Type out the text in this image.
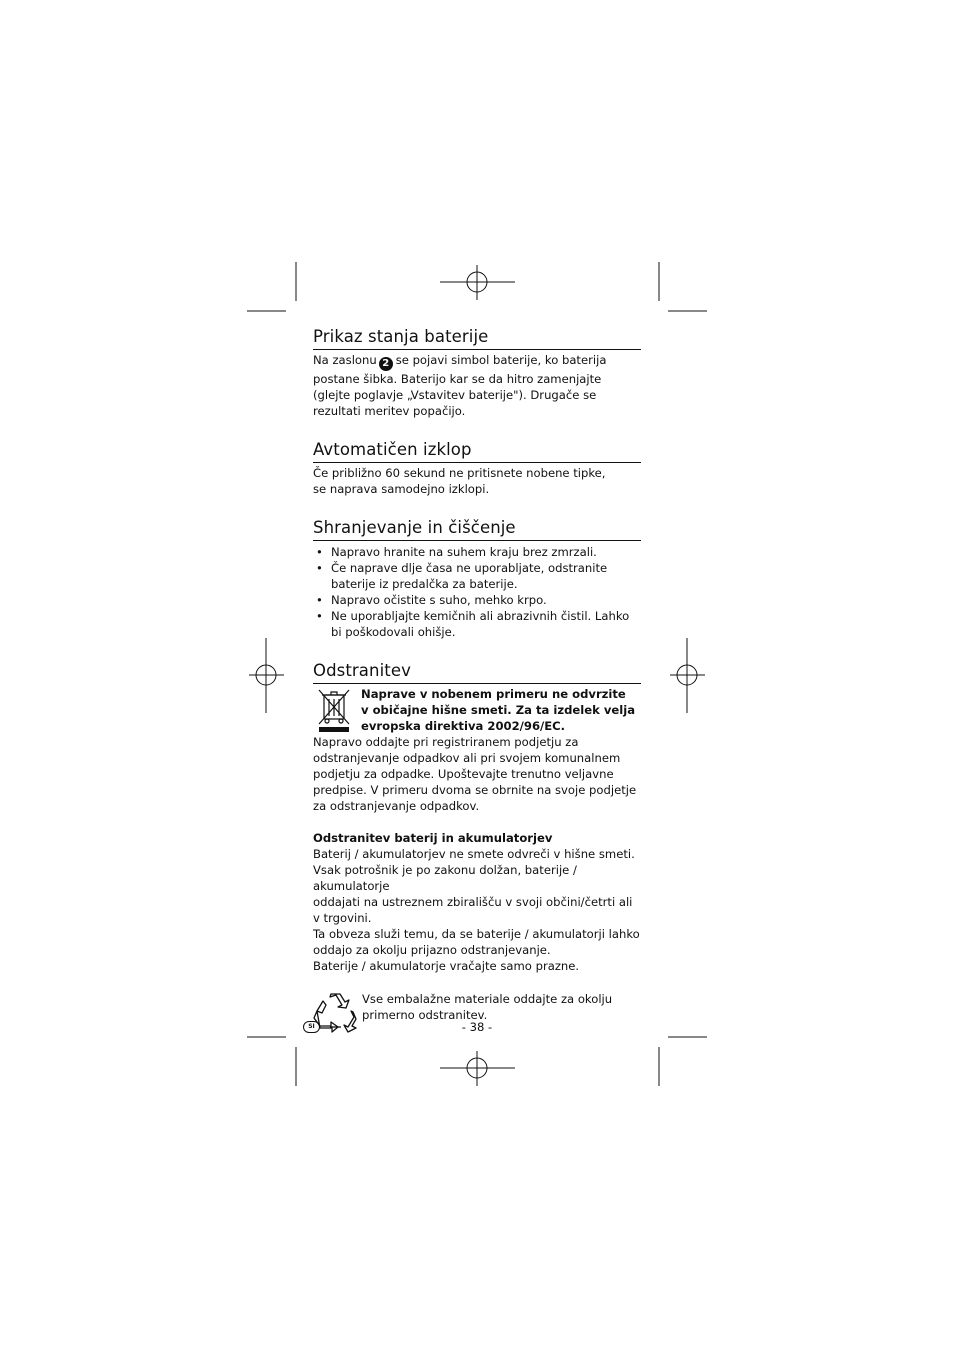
Prikaz stanja baterije

Na zaslonu 2 se pojavi simbol baterije, ko baterija postane šibka. Baterijo kar se da hitro zamenjajte (glejte poglavje „Vstavitev baterije"). Drugače se rezultati meritev popačijo.

Avtomatičen izklop

Če približno 60 sekund ne pritisnete nobene tipke,
se naprava samodejno izklopi.

Shranjevanje in čiščenje
• Napravo hranite na suhem kraju brez zmrzali.
• Če naprave dlje časa ne uporabljate, odstranite baterije iz predalčka za baterije.
• Napravo očistite s suho, mehko krpo.
• Ne uporabljajte kemičnih ali abrazivnih čistil. Lahko bi poškodovali ohišje.
Odstranitev
Naprave v nobenem primeru ne odvrzite
v običajne hišne smeti. Za ta izdelek velja
evropska direktiva 2002/96/EC.

Napravo oddajte pri registriranem podjetju za odstranjevanje odpadkov ali pri svojem komunalnem podjetju za odpadke. Upoštevajte trenutno veljavne predpise. V primeru dvoma se obrnite na svoje podjetje za odstranjevanje odpadkov.

Odstranitev baterij in akumulatorjev

Baterij / akumulatorjev ne smete odvreči v hišne smeti.
Vsak potrošnik je po zakonu dolžan, baterije / akumulatorje
oddajati na ustreznem zbirališču v svoji občini/četrti ali
v trgovini.
Ta obveza služi temu, da se baterije / akumulatorji lahko
oddajo za okolju prijazno odstranjevanje.
Baterije / akumulatorje vračajte samo prazne.

Vse embalažne materiale oddajte za okolju
primerno odstranitev.

SI	- 38 -
